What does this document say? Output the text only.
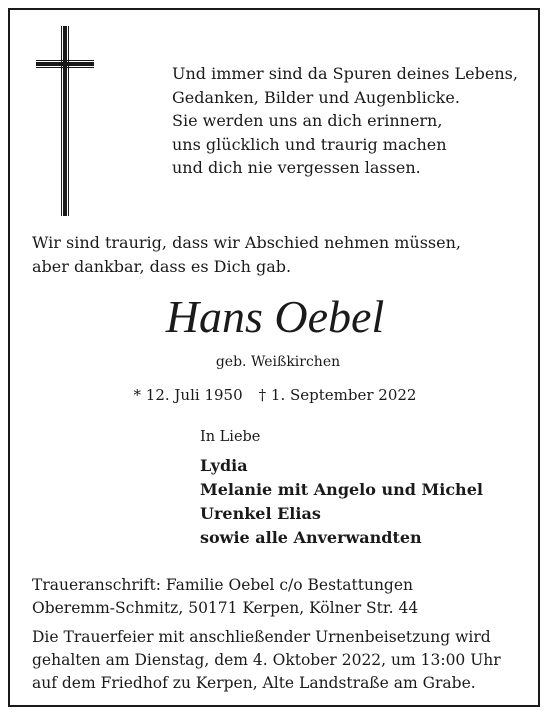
Und immer sind da Spuren deines Lebens,
Gedanken, Bilder und Augenblicke.
Sie werden uns an dich erinnern,
uns glücklich und traurig machen
und dich nie vergessen lassen.
Wir sind traurig, dass wir Abschied nehmen müssen,
aber dankbar, dass es Dich gab.
Hans Oebel
geb. Weißkirchen
* 12. Juli 1950 † 1. September 2022
In Liebe
Lydia
Melanie mit Angelo und Michel
Urenkel Elias
sowie alle Anverwandten
Traueranschrift: Familie Oebel c/o Bestattungen
Oberemm-Schmitz, 50171 Kerpen, Kölner Str. 44
Die Trauerfeier mit anschließender Urnenbeisetzung wird
gehalten am Dienstag, dem 4. Oktober 2022, um 13:00 Uhr
auf dem Friedhof zu Kerpen, Alte Landstraße am Grabe.
